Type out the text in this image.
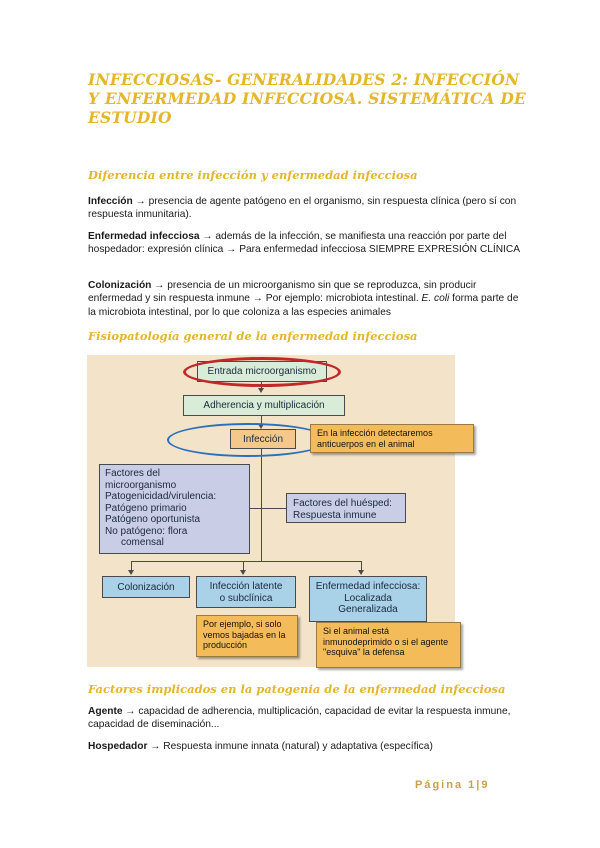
INFECCIOSAS- GENERALIDADES 2: INFECCIÓN Y ENFERMEDAD INFECCIOSA. SISTEMÁTICA DE ESTUDIO
Diferencia entre infección y enfermedad infecciosa
Infección → presencia de agente patógeno en el organismo, sin respuesta clínica (pero sí con respuesta inmunitaria).
Enfermedad infecciosa → además de la infección, se manifiesta una reacción por parte del hospedador: expresión clínica → Para enfermedad infecciosa SIEMPRE EXPRESIÓN CLÍNICA
Colonización → presencia de un microorganismo sin que se reproduzca, sin producir enfermedad y sin respuesta inmune → Por ejemplo: microbiota intestinal. E. coli forma parte de la microbiota intestinal, por lo que coloniza a las especies animales
Fisiopatología general de la enfermedad infecciosa
Entrada microorganismo
Adherencia y multiplicación
Infección
Factores del
microorganismo
Patogenicidad/virulencia:
Patógeno primario
Patógeno oportunista
No patógeno: flora
comensal
Factores del huésped:
Respuesta inmune
Colonización	Infección latente
o subclínica
Enfermedad infecciosa:
Localizada
Generalizada
En la infección detectaremos anticuerpos en el animal
Por ejemplo, si solo vemos bajadas en la producción
Si el animal está inmunodeprimido o si el agente "esquiva" la defensa
Factores implicados en la patogenia de la enfermedad infecciosa
Agente → capacidad de adherencia, multiplicación, capacidad de evitar la respuesta inmune, capacidad de diseminación...
Hospedador → Respuesta inmune innata (natural) y adaptativa (específica)
Página 1|9
